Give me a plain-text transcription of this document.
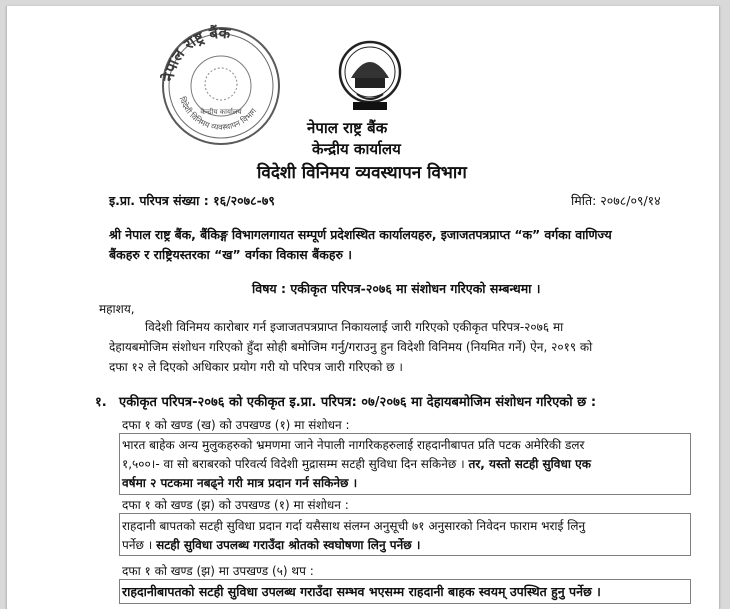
नेपाल राष्ट्र बैंक
विदेशी विनिमय व्यवस्थापन विभाग
केन्द्रीय कार्यालय
नेपाल राष्ट्र बैंक
केन्द्रीय कार्यालय
विदेशी विनिमय व्यवस्थापन विभाग
इ.प्रा. परिपत्र संख्या : १६/२०७८-७९	मिति: २०७८/०९/१४
श्री नेपाल राष्ट्र बैंक, बैंकिङ्ग विभागलगायत सम्पूर्ण प्रदेशस्थित कार्यालयहरु, इजाजतपत्रप्राप्त “क” वर्गका वाणिज्य
बैंकहरु र राष्ट्रियस्तरका “ख” वर्गका विकास बैंकहरु ।
विषय : एकीकृत परिपत्र-२०७६ मा संशोधन गरिएको सम्बन्धमा ।
महाशय,
विदेशी विनिमय कारोबार गर्न इजाजतपत्रप्राप्त निकायलाई जारी गरिएको एकीकृत परिपत्र-२०७६ मा
देहायबमोजिम संशोधन गरिएको हुँदा सोही बमोजिम गर्नु/गराउनु हुन विदेशी विनिमय (नियमित गर्ने) ऐन, २०१९ को
दफा १२ ले दिएको अधिकार प्रयोग गरी यो परिपत्र जारी गरिएको छ ।
१. एकीकृत परिपत्र-२०७६ को एकीकृत इ.प्रा. परिपत्र: ०७/२०७६ मा देहायबमोजिम संशोधन गरिएको छ :
दफा १ को खण्ड (ख) को उपखण्ड (१) मा संशोधन :
भारत बाहेक अन्य मुलुकहरुको भ्रमणमा जाने नेपाली नागरिकहरुलाई राहदानीबापत प्रति पटक अमेरिकी डलर
१,५००।- वा सो बराबरको परिवर्त्य विदेशी मुद्रासम्म सटही सुविधा दिन सकिनेछ । तर, यस्तो सटही सुविधा एक
वर्षमा २ पटकमा नबढ्ने गरी मात्र प्रदान गर्न सकिनेछ ।
दफा १ को खण्ड (झ) को उपखण्ड (१) मा संशोधन :
राहदानी बापतको सटही सुविधा प्रदान गर्दा यसैसाथ संलग्न अनुसूची ७१ अनुसारको निवेदन फाराम भराई लिनु
पर्नेछ । सटही सुविधा उपलब्ध गराउँदा श्रोतको स्वघोषणा लिनु पर्नेछ ।
दफा १ को खण्ड (झ) मा उपखण्ड (५) थप :
राहदानीबापतको सटही सुविधा उपलब्ध गराउँदा सम्भव भएसम्म राहदानी बाहक स्वयम् उपस्थित हुनु पर्नेछ ।
